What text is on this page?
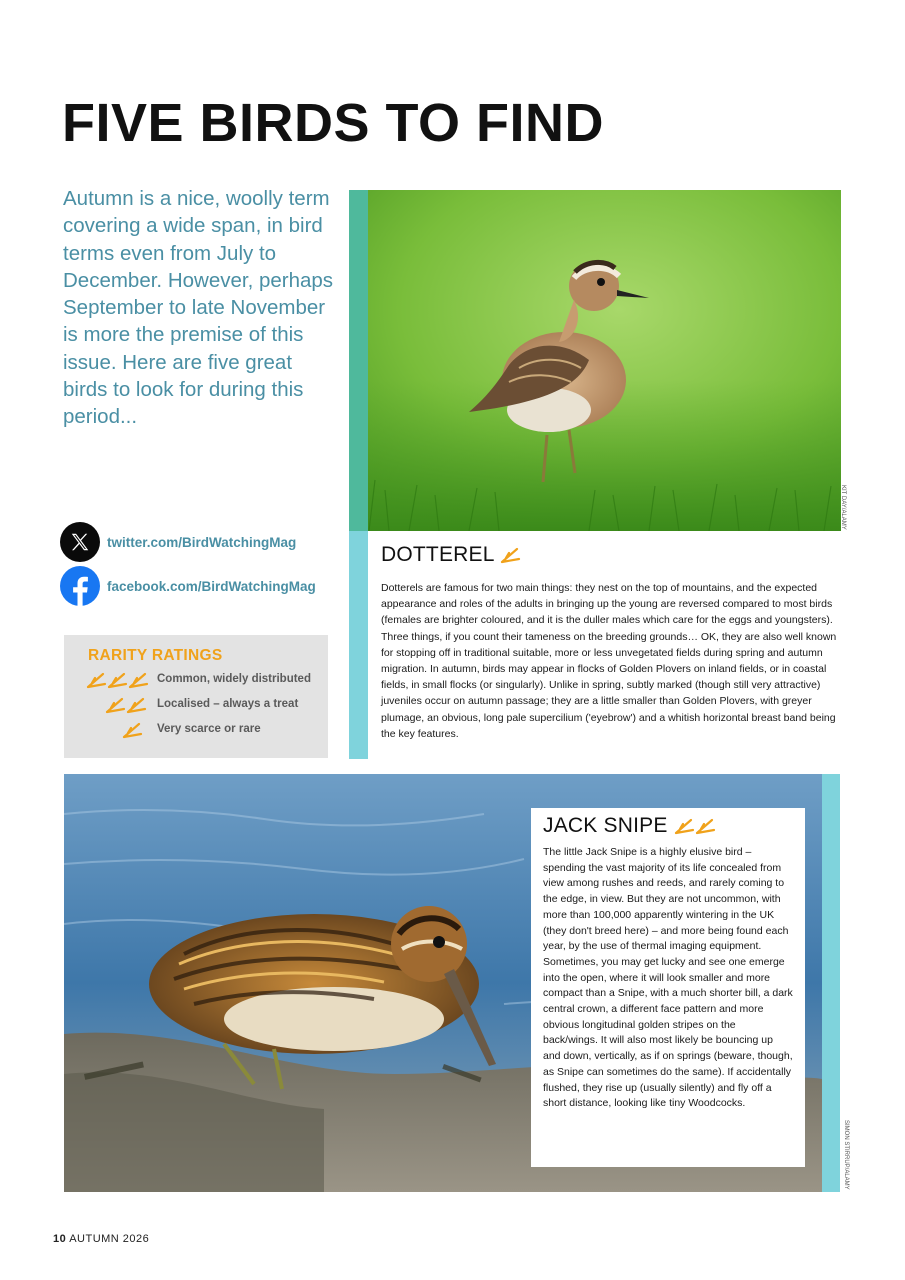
FIVE BIRDS TO FIND
Autumn is a nice, woolly term covering a wide span, in bird terms even from July to December. However, perhaps September to late November is more the premise of this issue. Here are five great birds to look for during this period...
twitter.com/BirdWatchingMag
facebook.com/BirdWatchingMag
RARITY RATINGS
Common, widely distributed
Localised – always a treat
Very scarce or rare
KIT DAY/ALAMY
DOTTEREL
Dotterels are famous for two main things: they nest on the top of mountains, and the expected appearance and roles of the adults in bringing up the young are reversed compared to most birds (females are brighter coloured, and it is the duller males which care for the eggs and youngsters). Three things, if you count their tameness on the breeding grounds… OK, they are also well known for stopping off in traditional suitable, more or less unvegetated fields during spring and autumn migration. In autumn, birds may appear in flocks of Golden Plovers on inland fields, or in coastal fields, in small flocks (or singularly). Unlike in spring, subtly marked (though still very attractive) juveniles occur on autumn passage; they are a little smaller than Golden Plovers, with greyer plumage, an obvious, long pale supercilium ('eyebrow') and a whitish horizontal breast band being the key features.
SIMON STIRRUP/ALAMY
JACK SNIPE
The little Jack Snipe is a highly elusive bird – spending the vast majority of its life concealed from view among rushes and reeds, and rarely coming to the edge, in view. But they are not uncommon, with more than 100,000 apparently wintering in the UK (they don't breed here) – and more being found each year, by the use of thermal imaging equipment. Sometimes, you may get lucky and see one emerge into the open, where it will look smaller and more compact than a Snipe, with a much shorter bill, a dark central crown, a different face pattern and more obvious longitudinal golden stripes on the back/wings. It will also most likely be bouncing up and down, vertically, as if on springs (beware, though, as Snipe can sometimes do the same). If accidentally flushed, they rise up (usually silently) and fly off a short distance, looking like tiny Woodcocks.
10 AUTUMN 2026
